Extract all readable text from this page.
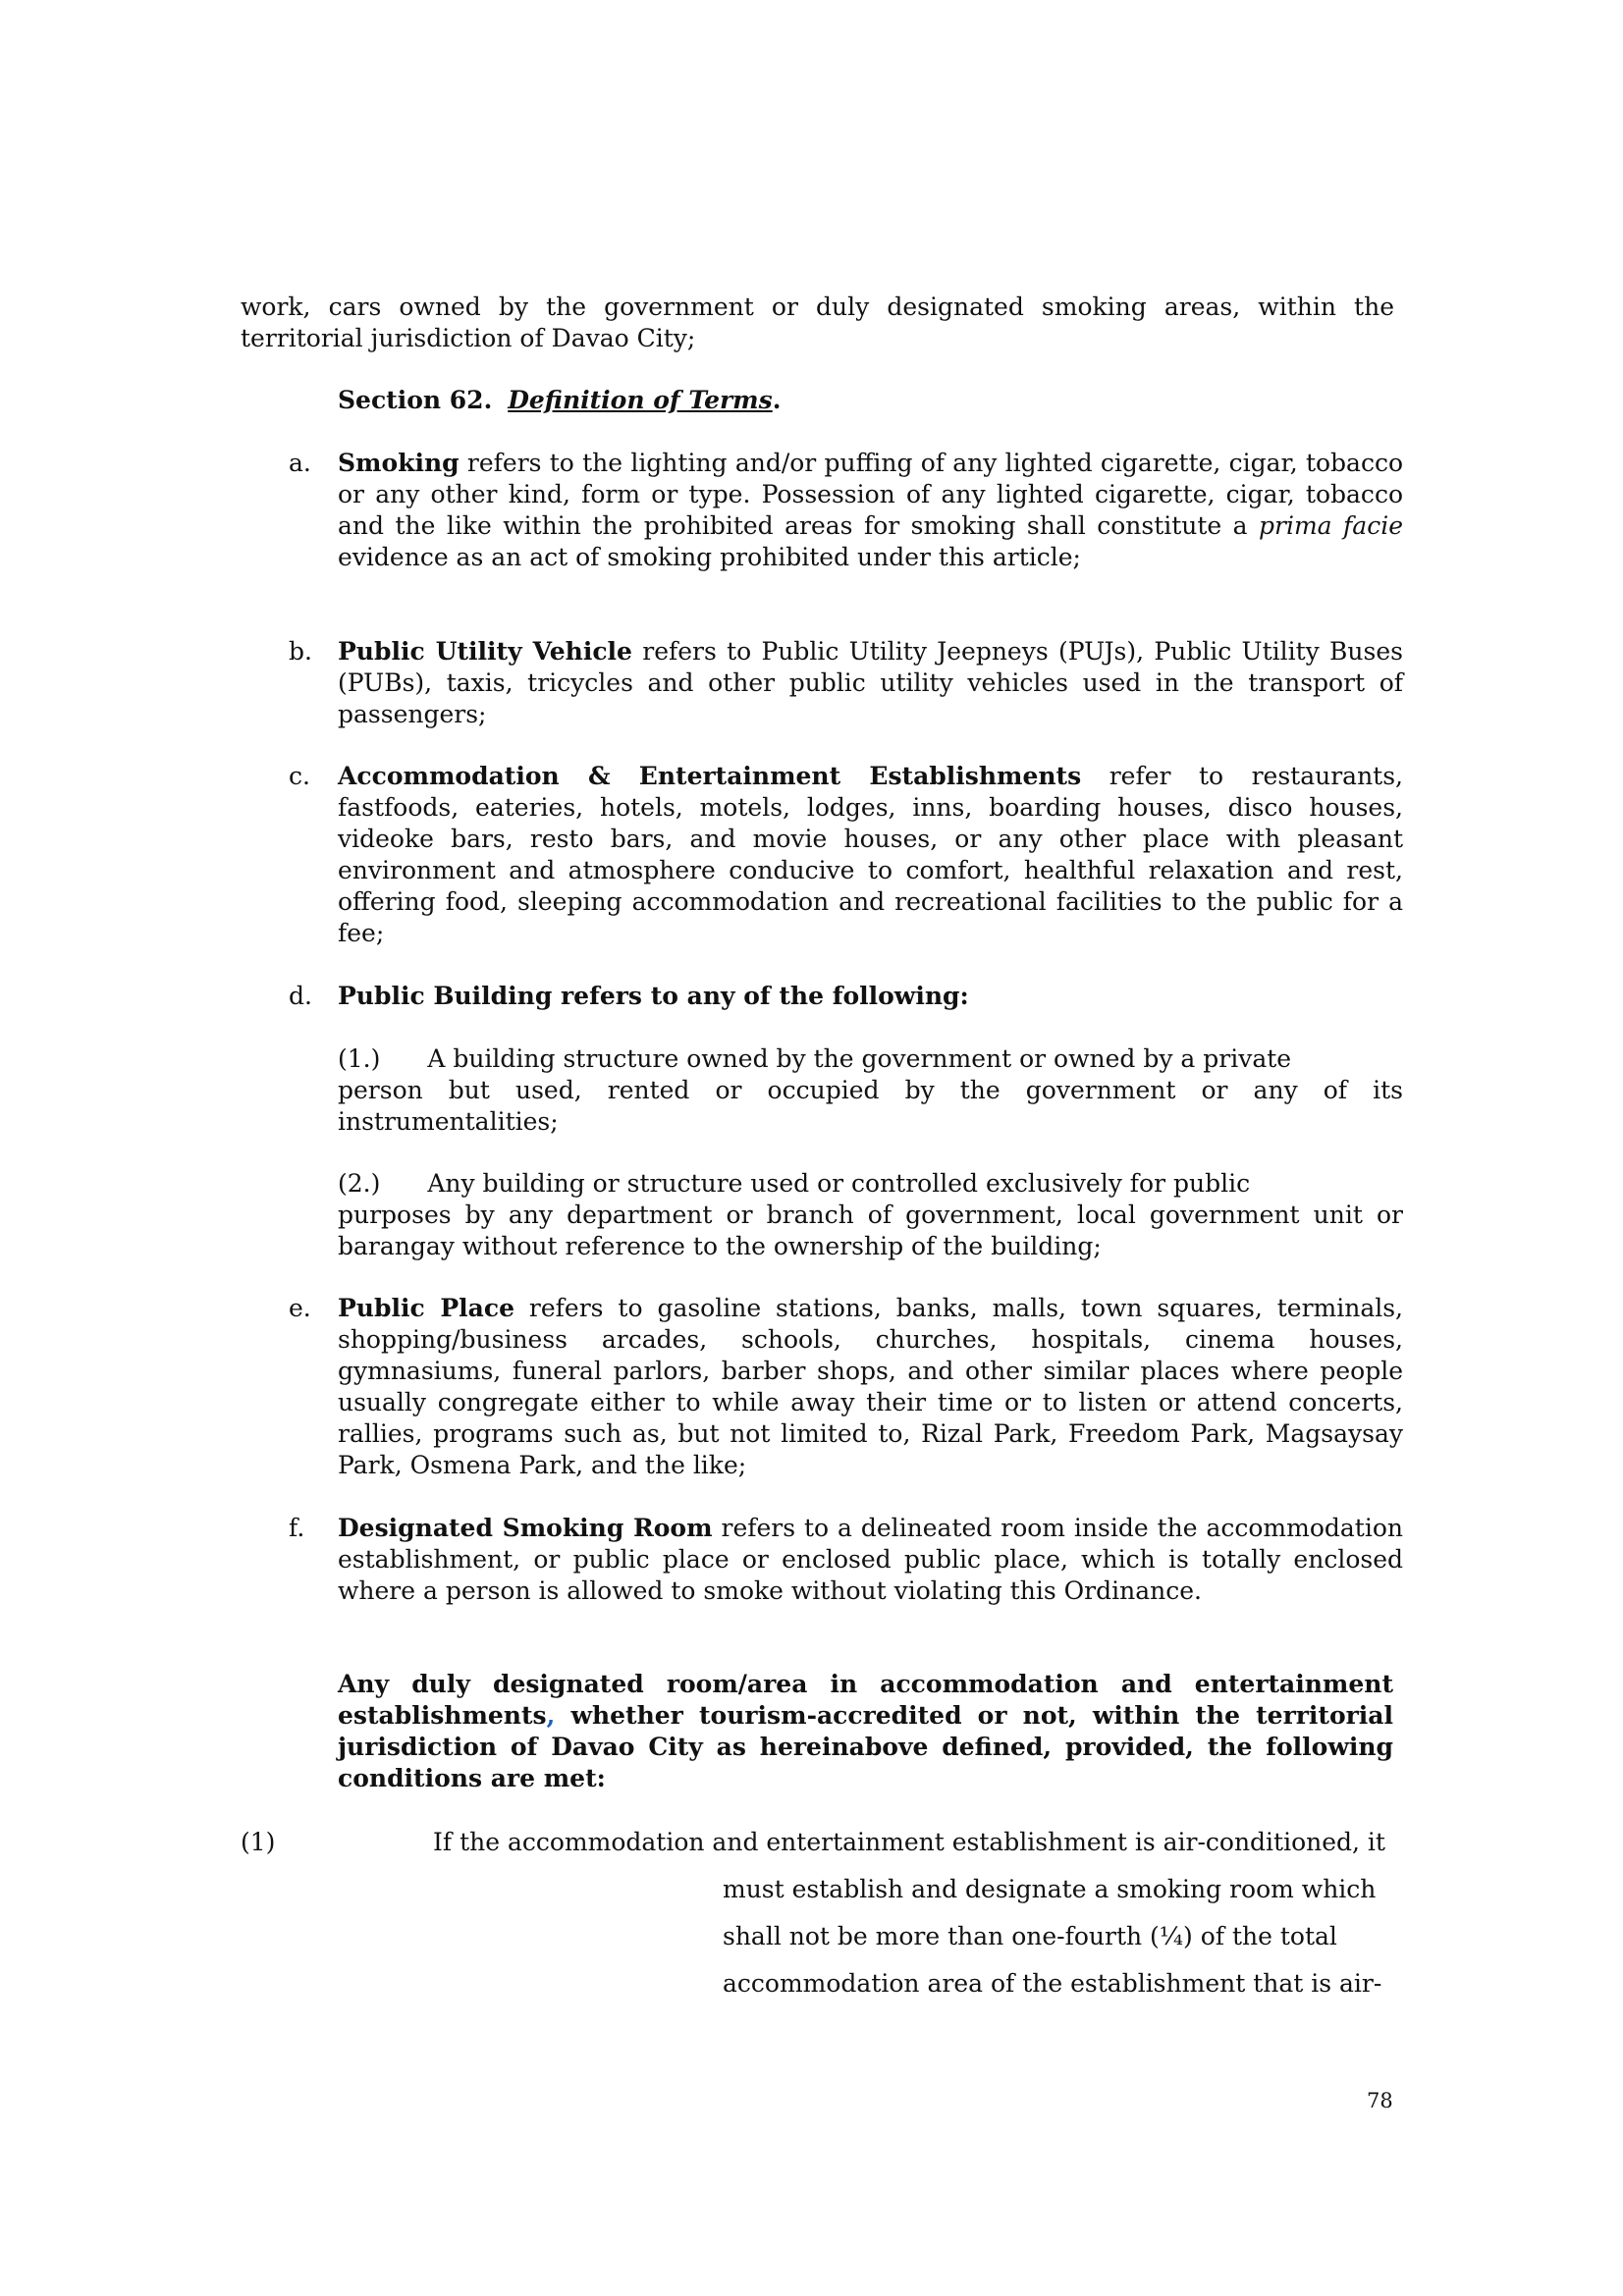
work, cars owned by the government or duly designated smoking areas, within the territorial jurisdiction of Davao City;
Section 62. Definition of Terms.
a. Smoking refers to the lighting and/or puffing of any lighted cigarette, cigar, tobacco or any other kind, form or type. Possession of any lighted cigarette, cigar, tobacco and the like within the prohibited areas for smoking shall constitute a prima facie evidence as an act of smoking prohibited under this article;
b. Public Utility Vehicle refers to Public Utility Jeepneys (PUJs), Public Utility Buses (PUBs), taxis, tricycles and other public utility vehicles used in the transport of passengers;
c. Accommodation & Entertainment Establishments refer to restaurants, fastfoods, eateries, hotels, motels, lodges, inns, boarding houses, disco houses, videoke bars, resto bars, and movie houses, or any other place with pleasant environment and atmosphere conducive to comfort, healthful relaxation and rest, offering food, sleeping accommodation and recreational facilities to the public for a fee;
d. Public Building refers to any of the following:
(1.) A building structure owned by the government or owned by a private
person but used, rented or occupied by the government or any of its instrumentalities;
(2.) Any building or structure used or controlled exclusively for public
purposes by any department or branch of government, local government unit or barangay without reference to the ownership of the building;
e. Public Place refers to gasoline stations, banks, malls, town squares, terminals, shopping/business arcades, schools, churches, hospitals, cinema houses, gymnasiums, funeral parlors, barber shops, and other similar places where people usually congregate either to while away their time or to listen or attend concerts, rallies, programs such as, but not limited to, Rizal Park, Freedom Park, Magsaysay Park, Osmena Park, and the like;
f. Designated Smoking Room refers to a delineated room inside the accommodation establishment, or public place or enclosed public place, which is totally enclosed where a person is allowed to smoke without violating this Ordinance.
Any duly designated room/area in accommodation and entertainment establishments, whether tourism-accredited or not, within the territorial jurisdiction of Davao City as hereinabove defined, provided, the following conditions are met:
(1)	If the accommodation and entertainment establishment is air-conditioned, it
must establish and designate a smoking room which
shall not be more than one-fourth (¼) of the total
accommodation area of the establishment that is air-
78
